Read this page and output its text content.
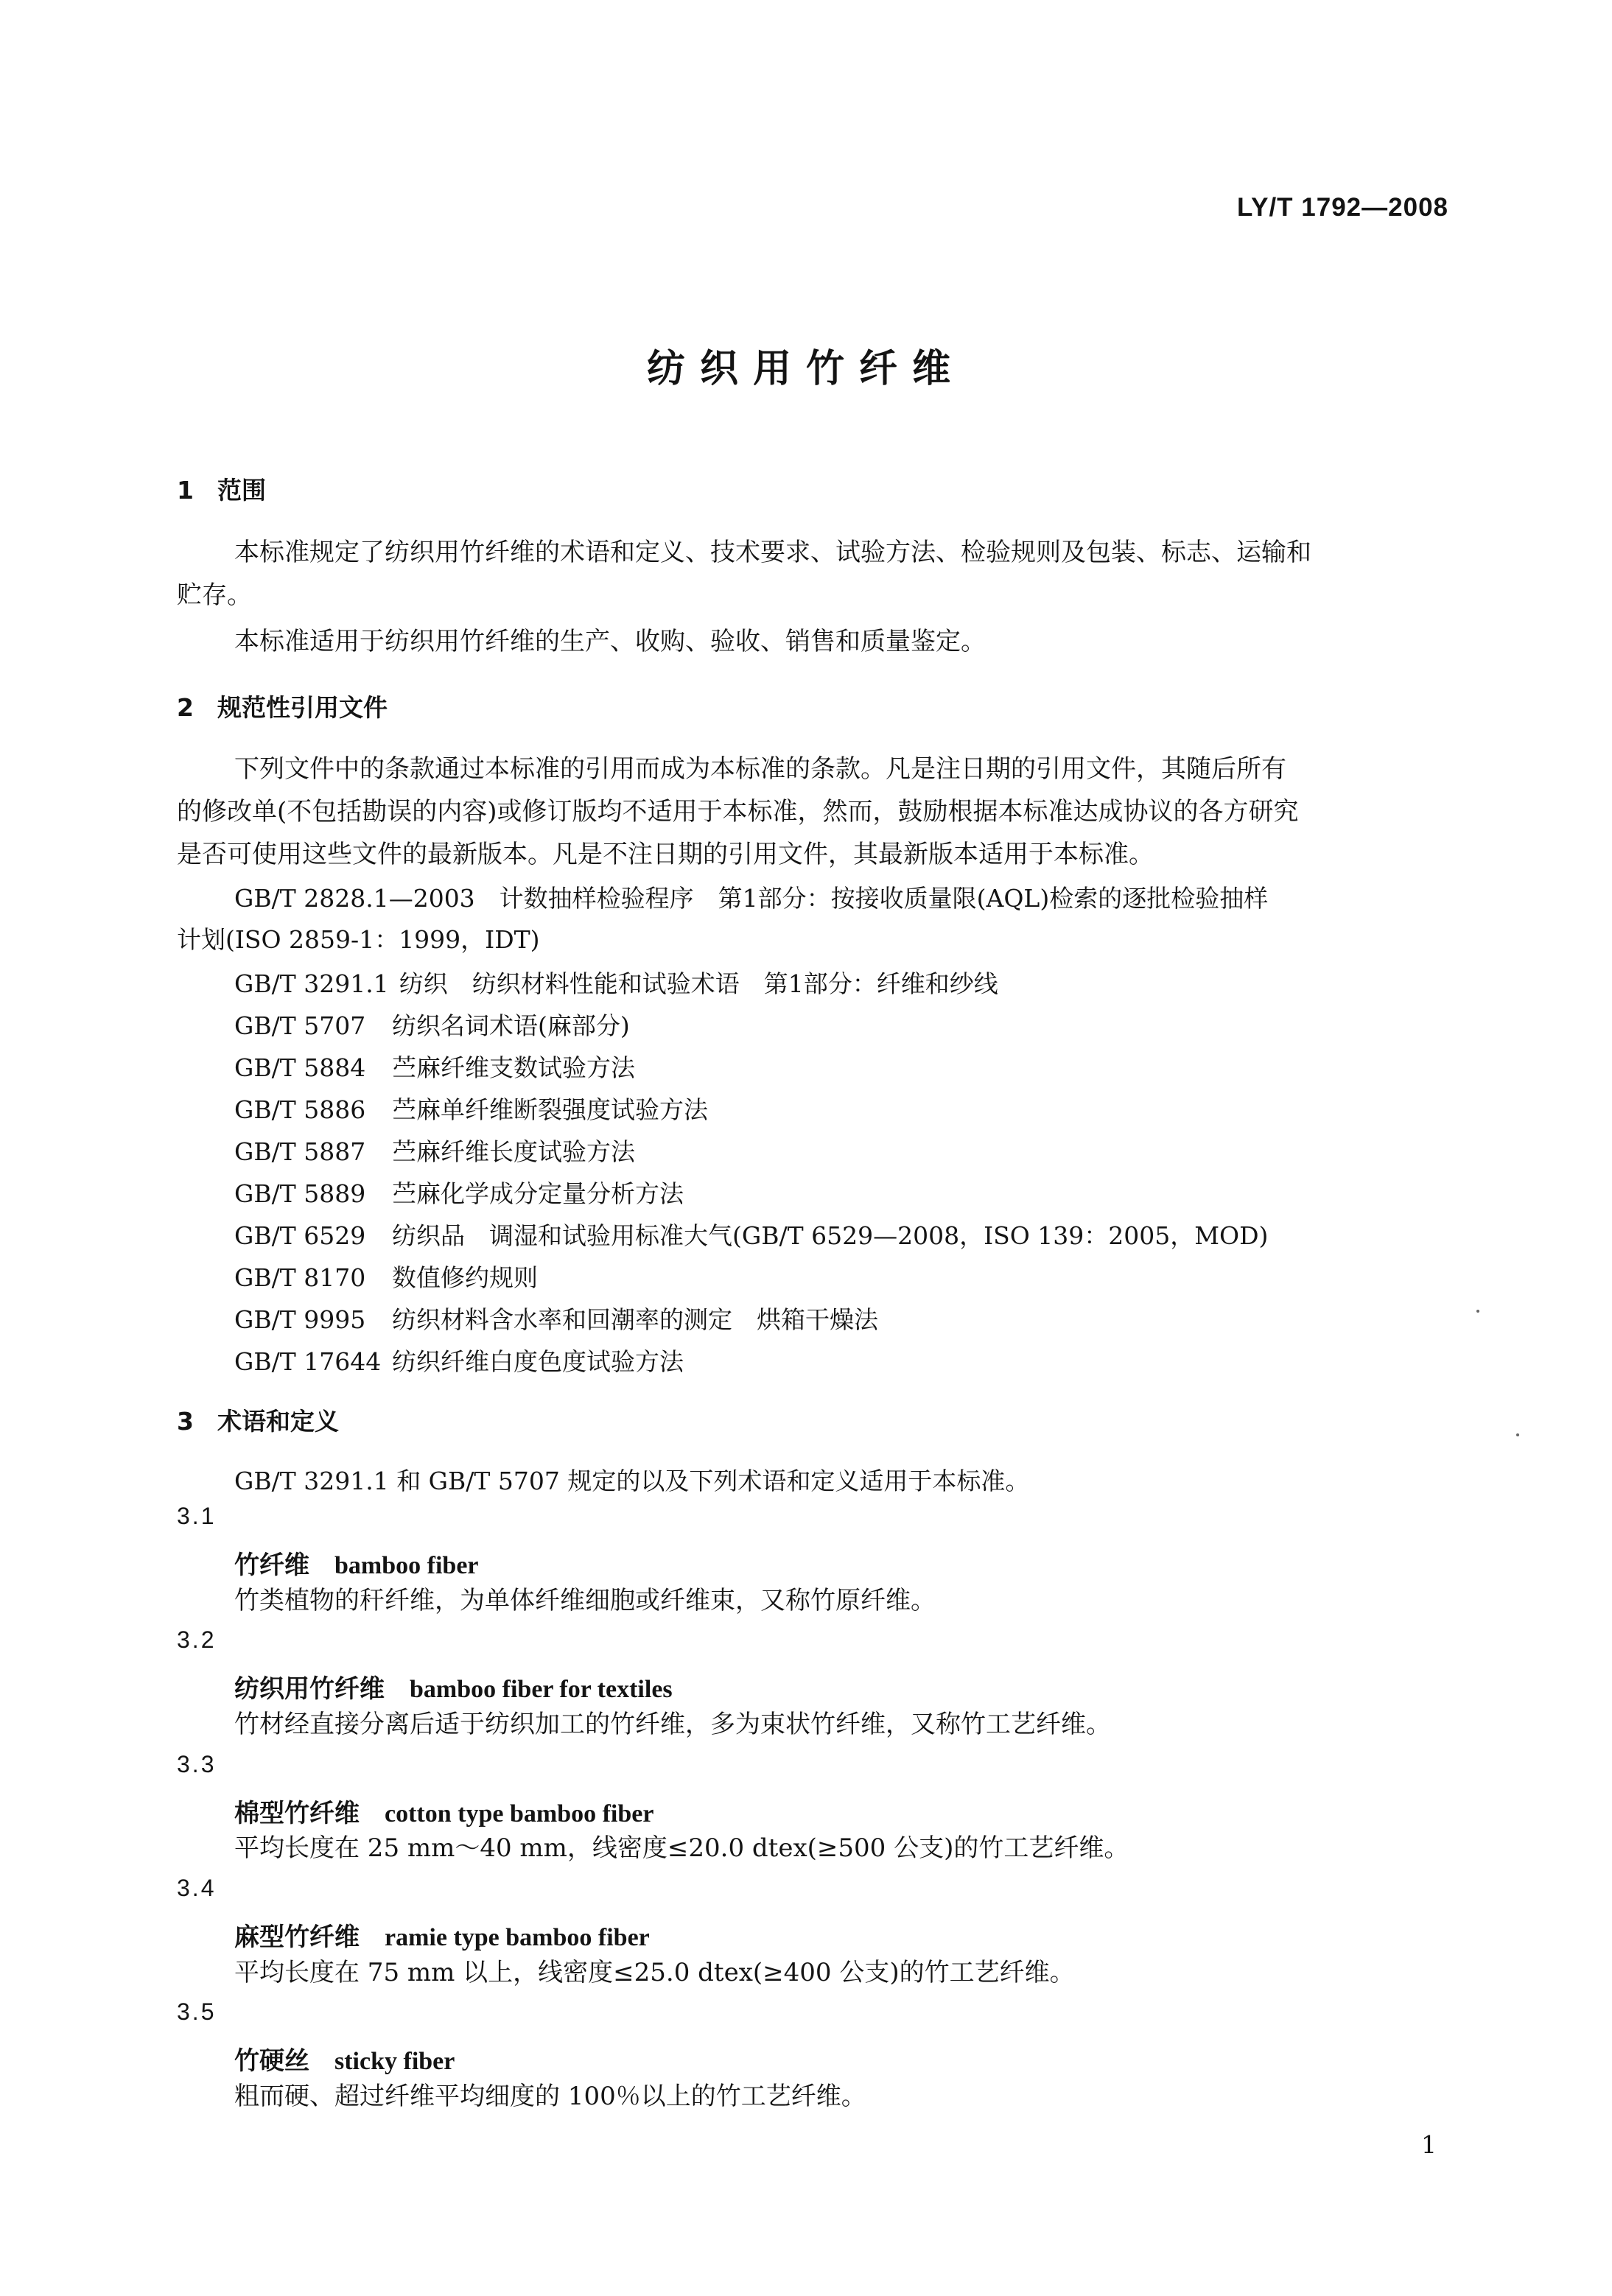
LY/T 1792—2008
纺织用竹纤维
1 范围
本标准规定了纺织用竹纤维的术语和定义、技术要求、试验方法、检验规则及包装、标志、运输和
贮存。
本标准适用于纺织用竹纤维的生产、收购、验收、销售和质量鉴定。
2 规范性引用文件
下列文件中的条款通过本标准的引用而成为本标准的条款。凡是注日期的引用文件，其随后所有
的修改单(不包括勘误的内容)或修订版均不适用于本标准，然而，鼓励根据本标准达成协议的各方研究
是否可使用这些文件的最新版本。凡是不注日期的引用文件，其最新版本适用于本标准。
GB/T 2828.1—2003　计数抽样检验程序　第1部分：按接收质量限(AQL)检索的逐批检验抽样
计划(ISO 2859-1：1999，IDT)
GB/T 3291.1 纺织　纺织材料性能和试验术语　第1部分：纤维和纱线
GB/T 5707 纺织名词术语(麻部分)
GB/T 5884 苎麻纤维支数试验方法
GB/T 5886 苎麻单纤维断裂强度试验方法
GB/T 5887 苎麻纤维长度试验方法
GB/T 5889 苎麻化学成分定量分析方法
GB/T 6529 纺织品　调湿和试验用标准大气(GB/T 6529—2008，ISO 139：2005，MOD)
GB/T 8170 数值修约规则
GB/T 9995 纺织材料含水率和回潮率的测定　烘箱干燥法
GB/T 17644 纺织纤维白度色度试验方法
3 术语和定义
GB/T 3291.1 和 GB/T 5707 规定的以及下列术语和定义适用于本标准。
3.1
竹纤维 bamboo fiber
竹类植物的秆纤维，为单体纤维细胞或纤维束，又称竹原纤维。
3.2
纺织用竹纤维 bamboo fiber for textiles
竹材经直接分离后适于纺织加工的竹纤维，多为束状竹纤维，又称竹工艺纤维。
3.3
棉型竹纤维 cotton type bamboo fiber
平均长度在 25 mm～40 mm，线密度≤20.0 dtex(≥500 公支)的竹工艺纤维。
3.4
麻型竹纤维 ramie type bamboo fiber
平均长度在 75 mm 以上，线密度≤25.0 dtex(≥400 公支)的竹工艺纤维。
3.5
竹硬丝 sticky fiber
粗而硬、超过纤维平均细度的 100％以上的竹工艺纤维。
1
